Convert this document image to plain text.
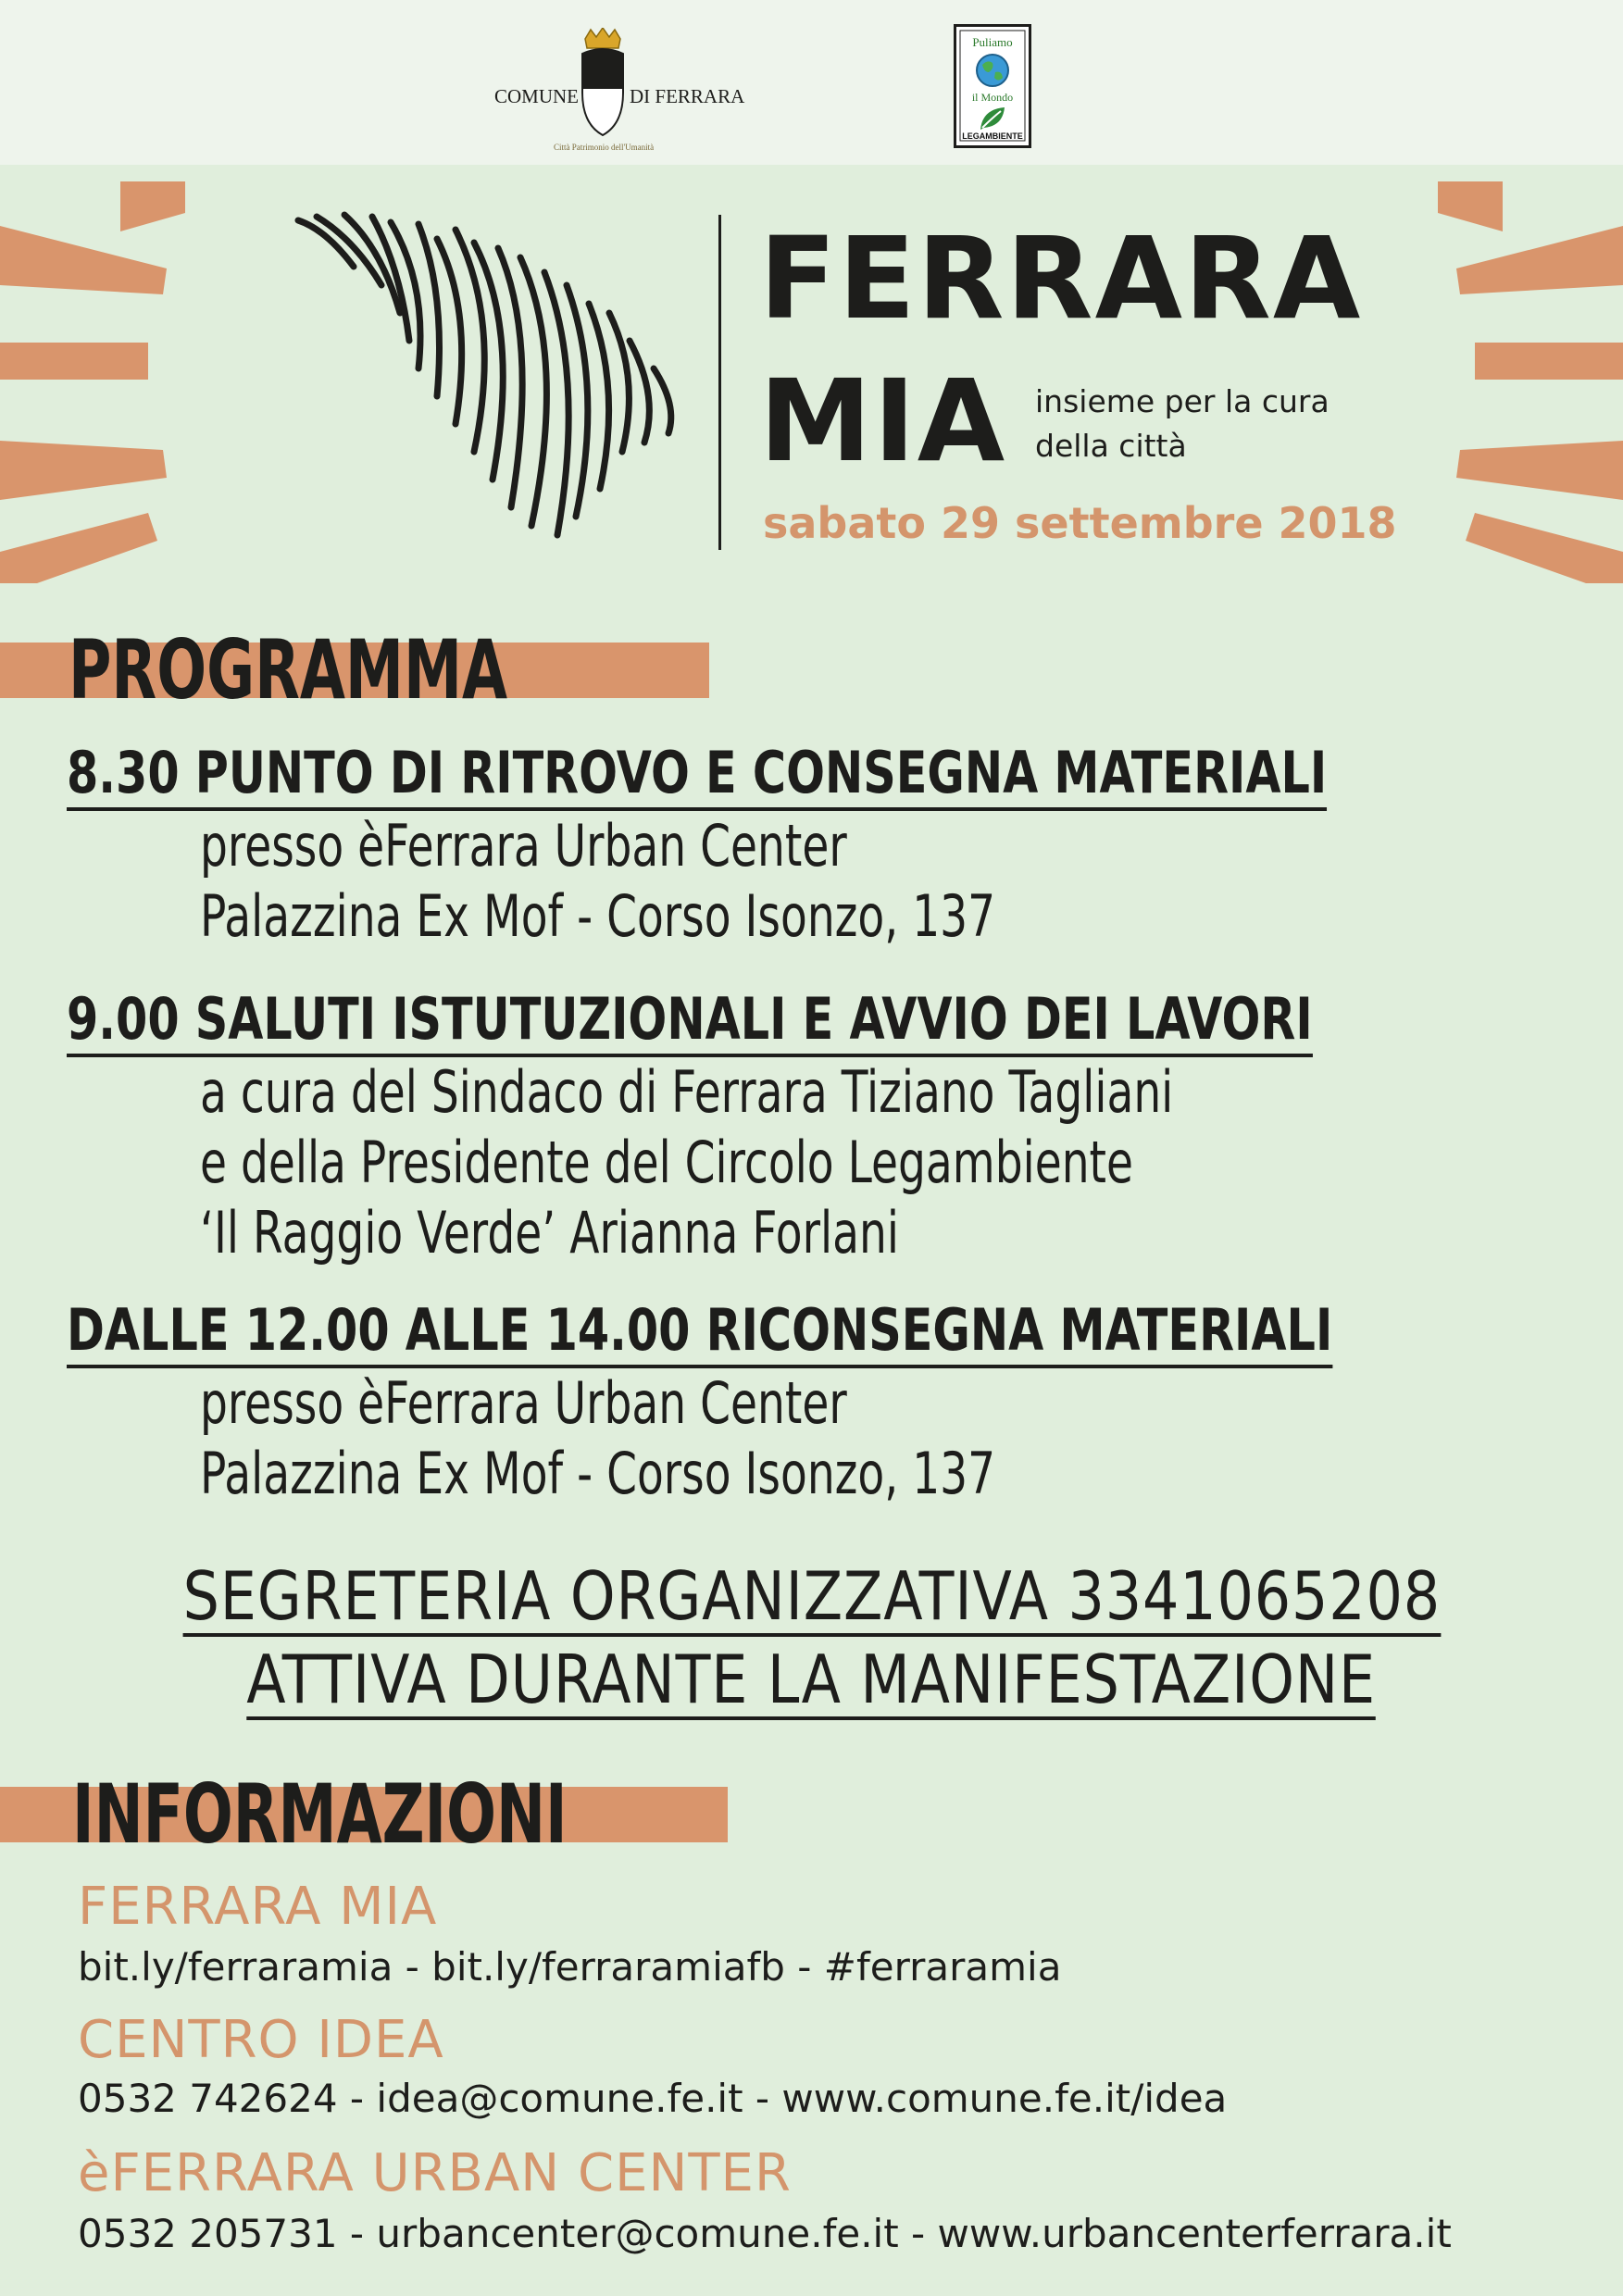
COMUNE	DI FERRARA
Città Patrimonio dell'Umanità
Puliamo
il Mondo
LEGAMBIENTE
FERRARA
MIA insieme per la cura
della città
sabato 29 settembre 2018
PROGRAMMA
8.30 PUNTO DI RITROVO E CONSEGNA MATERIALI
presso èFerrara Urban Center
Palazzina Ex Mof - Corso Isonzo, 137
9.00 SALUTI ISTUTUZIONALI E AVVIO DEI LAVORI
a cura del Sindaco di Ferrara Tiziano Tagliani
e della Presidente del Circolo Legambiente
‘Il Raggio Verde’ Arianna Forlani
DALLE 12.00 ALLE 14.00 RICONSEGNA MATERIALI
presso èFerrara Urban Center
Palazzina Ex Mof - Corso Isonzo, 137
SEGRETERIA ORGANIZZATIVA 3341065208
ATTIVA DURANTE LA MANIFESTAZIONE
INFORMAZIONI
FERRARA MIA
bit.ly/ferraramia - bit.ly/ferraramiafb - #ferraramia
CENTRO IDEA
0532 742624 - idea@comune.fe.it - www.comune.fe.it/idea
èFERRARA URBAN CENTER
0532 205731 - urbancenter@comune.fe.it - www.urbancenterferrara.it
